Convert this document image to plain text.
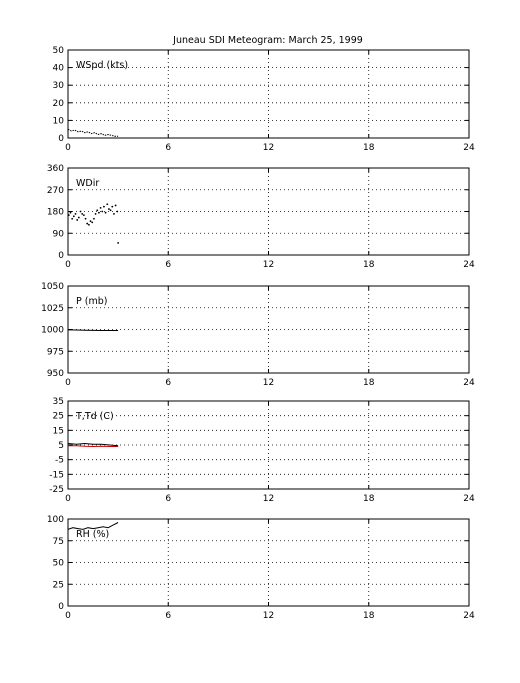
Juneau SDI Meteogram: March 25, 1999
0	6	12	18	24
0
10
20
30
40
50
WSpd (kts)
0	6	12	18	24
0
90
180
270
360
WDir
0	6	12	18	24
950
975
1000
1025
1050
P (mb)
0	6	12	18	24
-25
-15
-5
5
15
25
35
T,Td (C)
0	6	12	18	24
0
25
50
75
100
RH (%)
